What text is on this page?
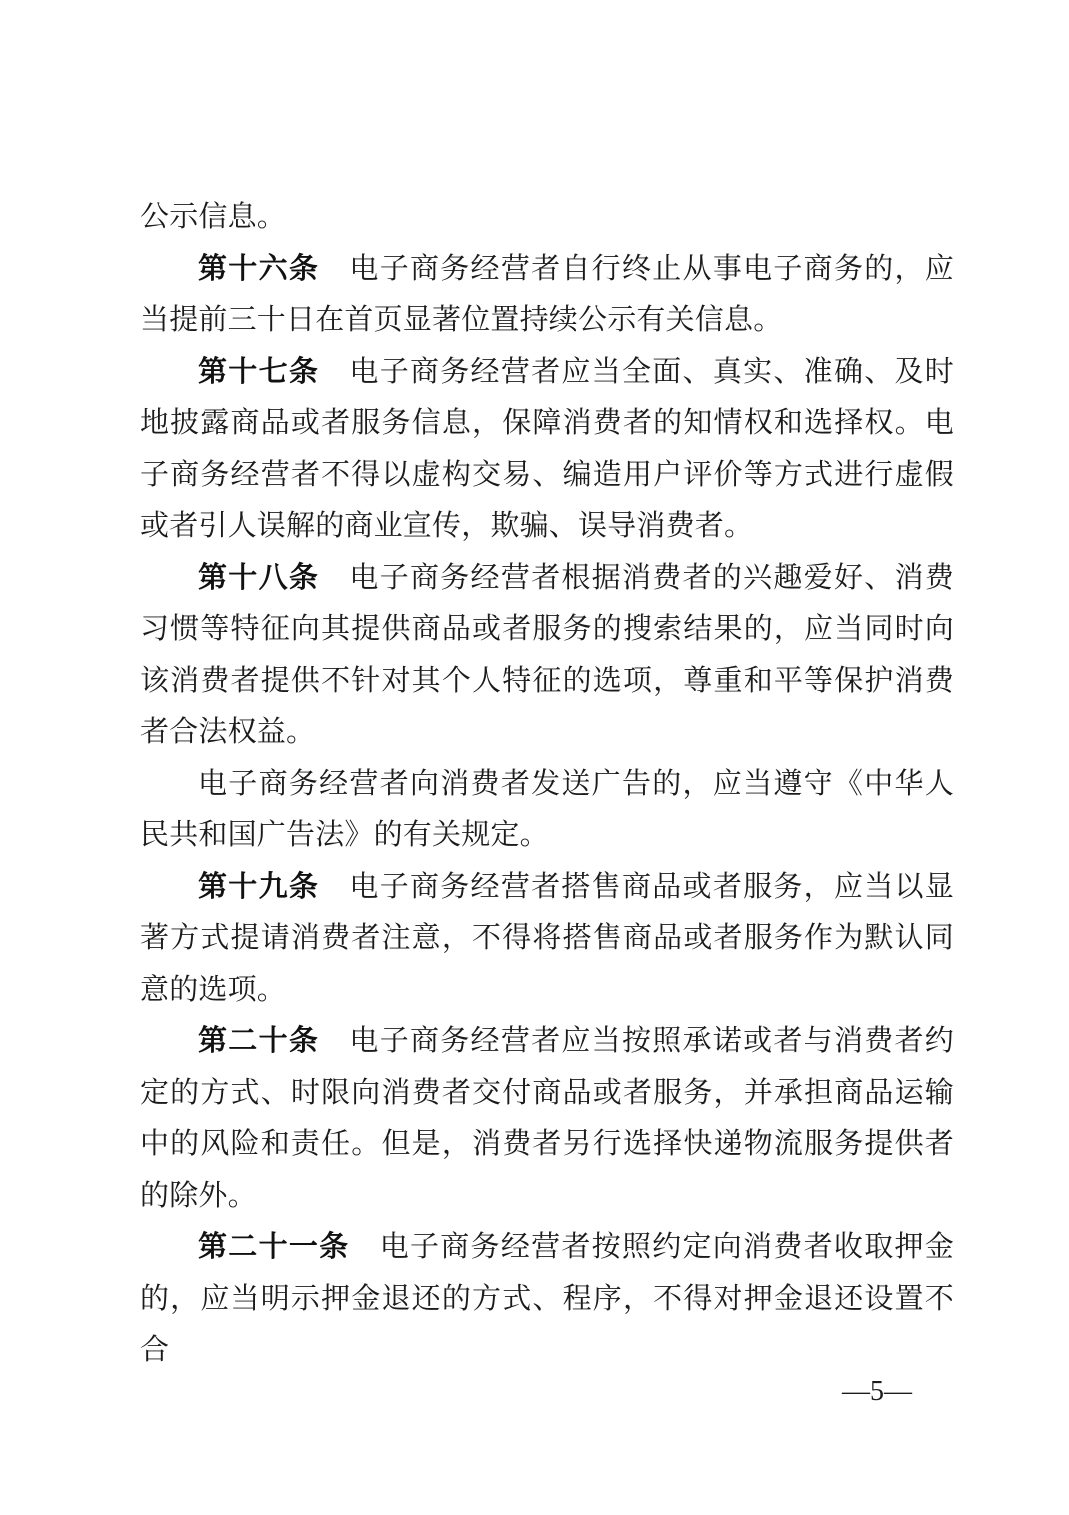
公示信息。

第十六条　电子商务经营者自行终止从事电子商务的，应当提前三十日在首页显著位置持续公示有关信息。

第十七条　电子商务经营者应当全面、真实、准确、及时地披露商品或者服务信息，保障消费者的知情权和选择权。电子商务经营者不得以虚构交易、编造用户评价等方式进行虚假或者引人误解的商业宣传，欺骗、误导消费者。

第十八条　电子商务经营者根据消费者的兴趣爱好、消费习惯等特征向其提供商品或者服务的搜索结果的，应当同时向该消费者提供不针对其个人特征的选项，尊重和平等保护消费者合法权益。

电子商务经营者向消费者发送广告的，应当遵守《中华人民共和国广告法》的有关规定。

第十九条　电子商务经营者搭售商品或者服务，应当以显著方式提请消费者注意，不得将搭售商品或者服务作为默认同意的选项。

第二十条　电子商务经营者应当按照承诺或者与消费者约定的方式、时限向消费者交付商品或者服务，并承担商品运输中的风险和责任。但是，消费者另行选择快递物流服务提供者的除外。

第二十一条　电子商务经营者按照约定向消费者收取押金的，应当明示押金退还的方式、程序，不得对押金退还设置不合

—5—
